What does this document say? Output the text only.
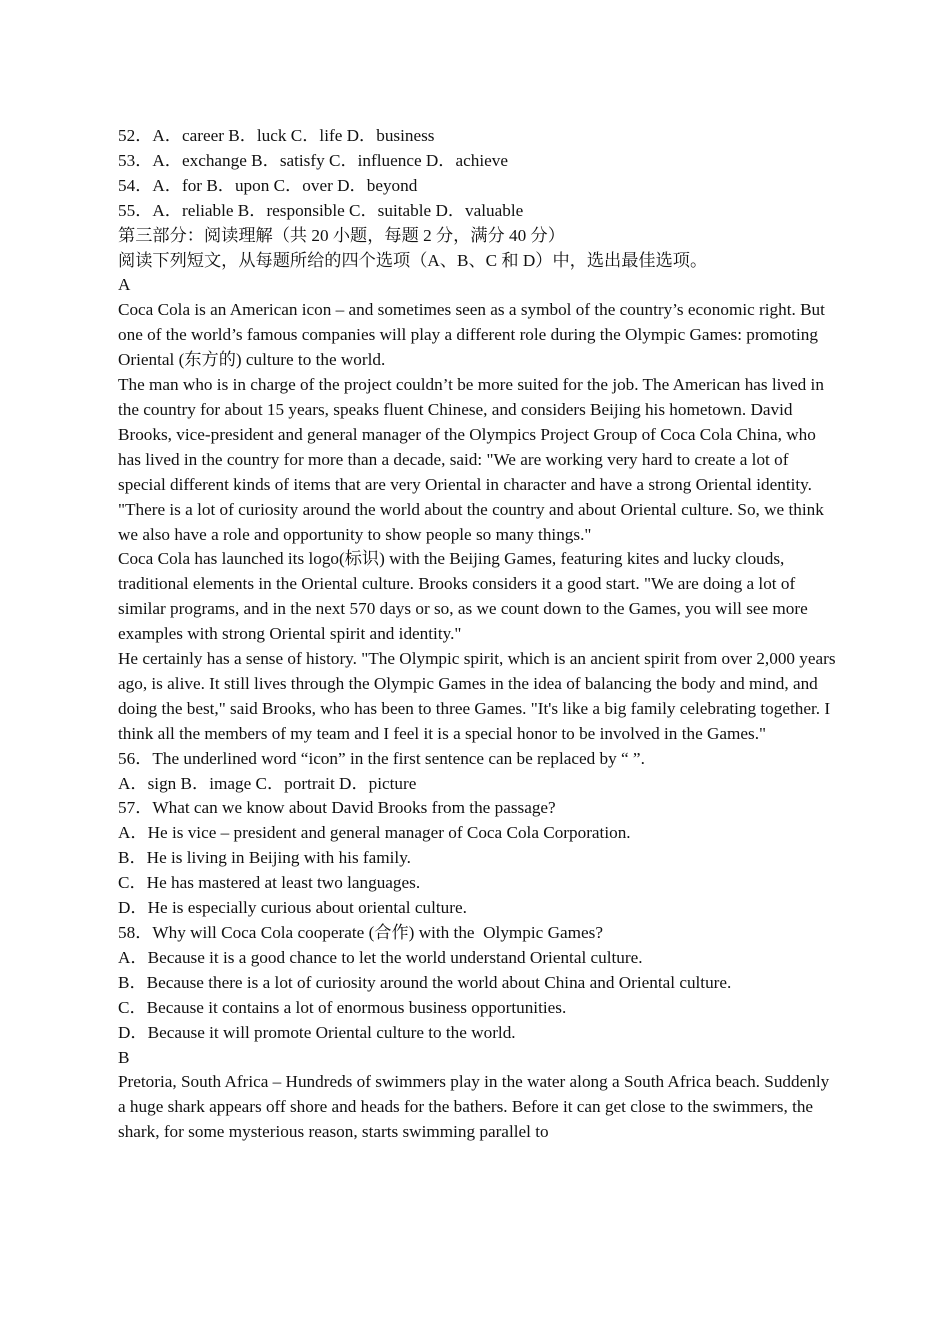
52．A．career B．luck C．life D．business

53．A．exchange B．satisfy C．influence D．achieve

54．A．for B．upon C．over D．beyond

55．A．reliable B．responsible C．suitable D．valuable

第三部分：阅读理解（共 20 小题，每题 2 分，满分 40 分）

阅读下列短文，从每题所给的四个选项（A、B、C 和 D）中，选出最佳选项。

A

Coca Cola is an American icon – and sometimes seen as a symbol of the country’s economic right. But one of the world’s famous companies will play a different role during the Olympic Games: promoting Oriental (东方的) culture to the world.

The man who is in charge of the project couldn’t be more suited for the job. The American has lived in the country for about 15 years, speaks fluent Chinese, and considers Beijing his hometown. David Brooks, vice-president and general manager of the Olympics Project Group of Coca Cola China, who has lived in the country for more than a decade, said: "We are working very hard to create a lot of special different kinds of items that are very Oriental in character and have a strong Oriental identity. "There is a lot of curiosity around the world about the country and about Oriental culture. So, we think we also have a role and opportunity to show people so many things."

Coca Cola has launched its logo(标识) with the Beijing Games, featuring kites and lucky clouds, traditional elements in the Oriental culture. Brooks considers it a good start. "We are doing a lot of similar programs, and in the next 570 days or so, as we count down to the Games, you will see more examples with strong Oriental spirit and identity."

He certainly has a sense of history. "The Olympic spirit, which is an ancient spirit from over 2,000 years ago, is alive. It still lives through the Olympic Games in the idea of balancing the body and mind, and doing the best," said Brooks, who has been to three Games. "It's like a big family celebrating together. I think all the members of my team and I feel it is a special honor to be involved in the Games."

56．The underlined word “icon” in the first sentence can be replaced by “ ”.

A．sign B．image C．portrait D．picture

57．What can we know about David Brooks from the passage?

A．He is vice – president and general manager of Coca Cola Corporation.

B．He is living in Beijing with his family.

C．He has mastered at least two languages.

D．He is especially curious about oriental culture.

58．Why will Coca Cola cooperate (合作) with the  Olympic Games?

A．Because it is a good chance to let the world understand Oriental culture.

B．Because there is a lot of curiosity around the world about China and Oriental culture.

C．Because it contains a lot of enormous business opportunities.

D．Because it will promote Oriental culture to the world.

B

Pretoria, South Africa – Hundreds of swimmers play in the water along a South Africa beach. Suddenly a huge shark appears off shore and heads for the bathers. Before it can get close to the swimmers, the shark, for some mysterious reason, starts swimming parallel to
